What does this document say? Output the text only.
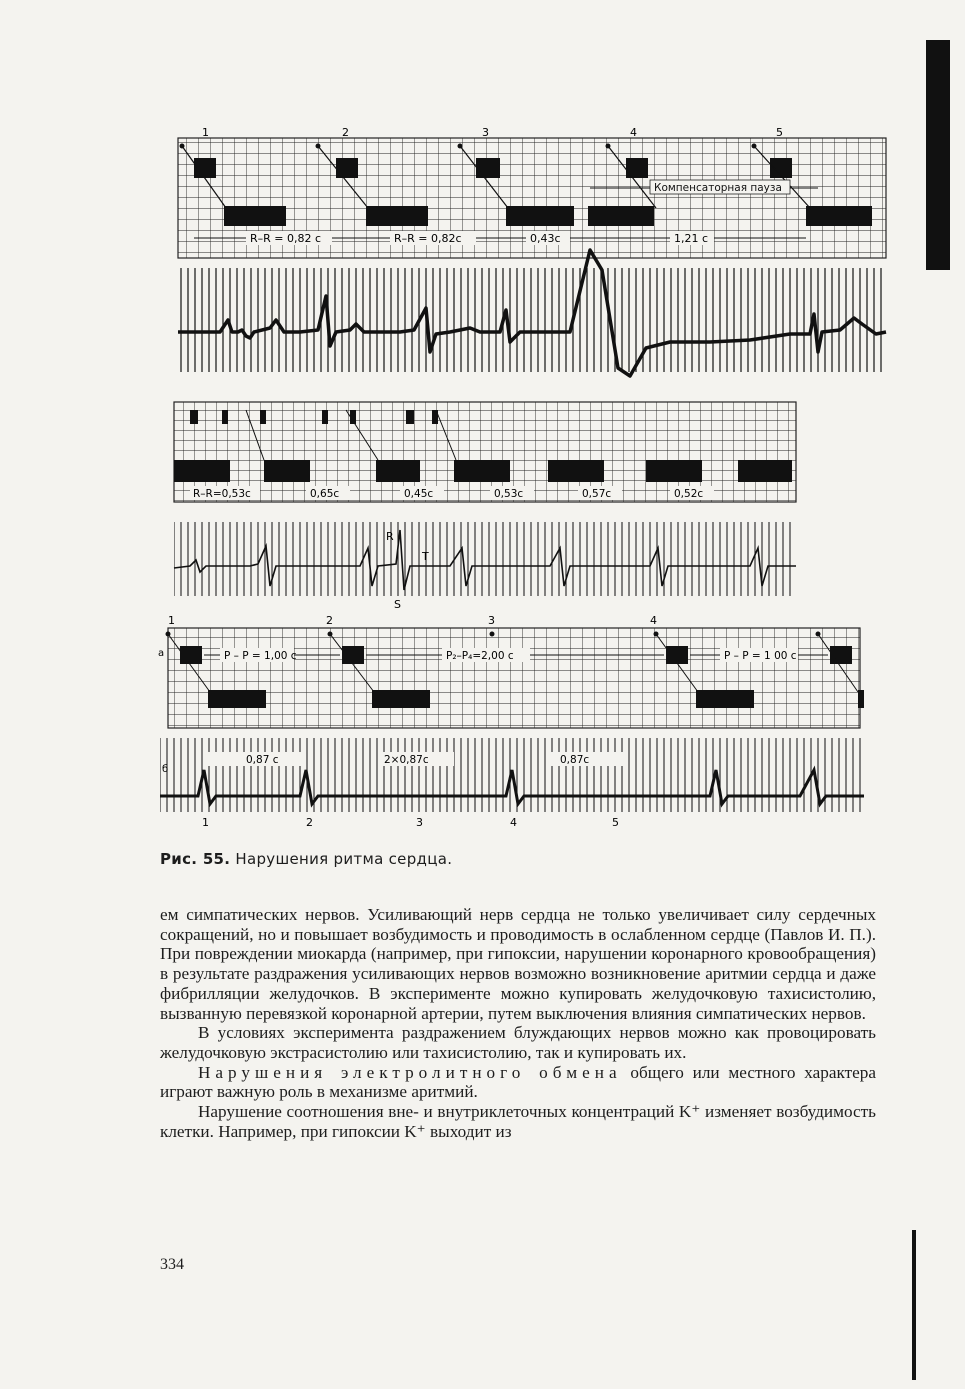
Компенсаторная пауза
R–R = 0,82 с	R–R = 0,82с	0,43с	1,21 с
1	2	3	4	5
R–R=0,53с	0,65с	0,45с	0,53с	0,57с	0,52с
R
T
S
P – P = 1,00 с	P₂–P₄=2,00 с	P – P = 1 00 с
1	2	3	4
а
0,87 с	2×0,87с	0,87с
б
1	2	3	4	5
Рис. 55. Нарушения ритма сердца.

ем симпатических нервов. Усиливающий нерв сердца не только увеличивает силу сердечных сокращений, но и повышает возбудимость и проводимость в ослабленном сердце (Павлов И. П.). При повреждении миокарда (например, при гипоксии, нарушении коронарного кровообращения) в результате раздражения усиливающих нервов возможно возникновение аритмии сердца и даже фибрилляции желудочков. В эксперименте можно купировать желудочковую тахисистолию, вызванную перевязкой коронарной артерии, путем выключения влияния симпатических нервов.

В условиях эксперимента раздражением блуждающих нервов можно как провоцировать желудочковую экстрасистолию или тахисистолию, так и купировать их.

Нарушения электролитного обмена общего или местного характера играют важную роль в механизме аритмий.

Нарушение соотношения вне- и внутриклеточных концентраций K⁺ изменяет возбудимость клетки. Например, при гипоксии K⁺ выходит из

334
